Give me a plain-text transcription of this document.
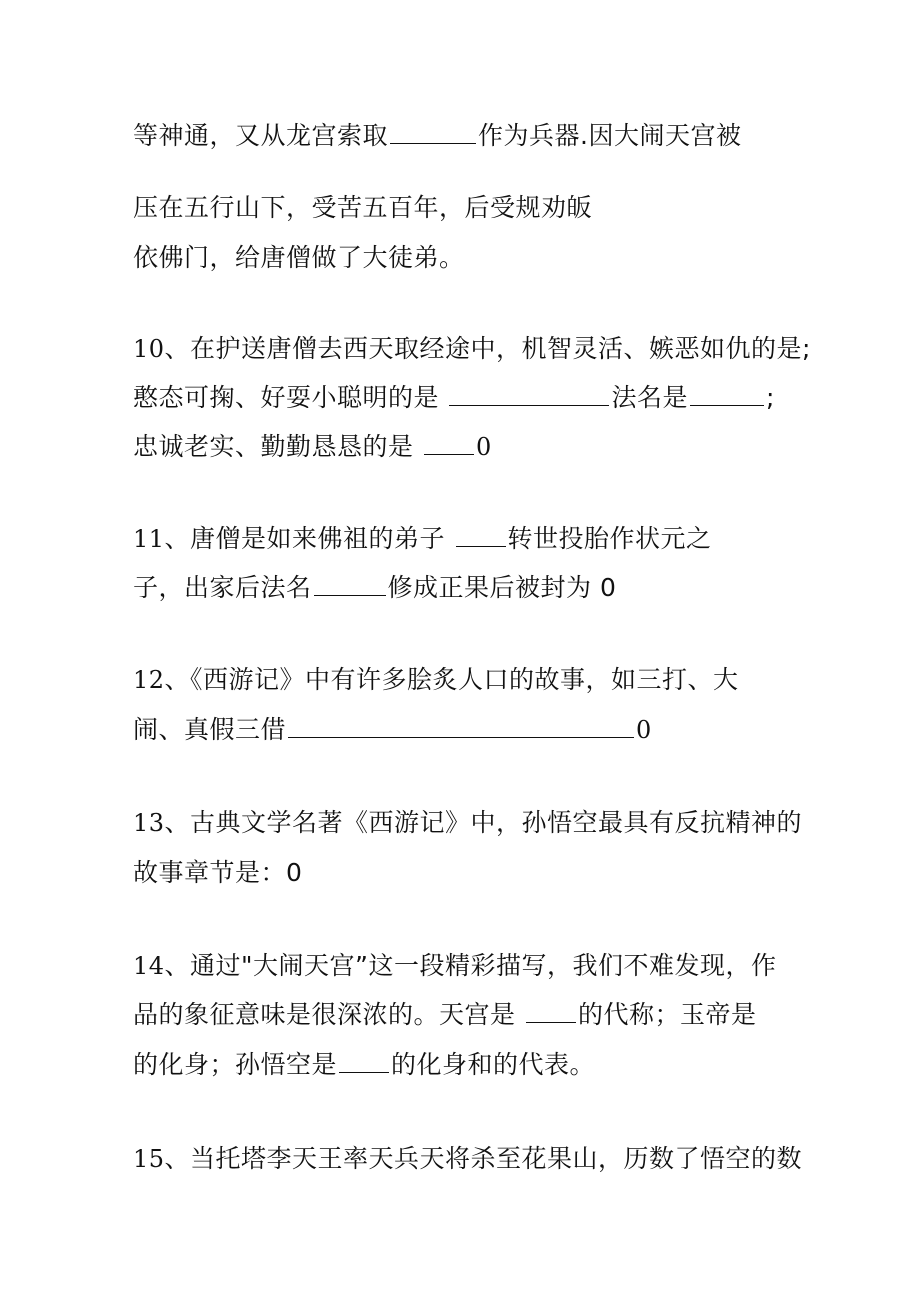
等神通，又从龙宫索取	作为兵器.因大闹天宫被
压在五行山下，受苦五百年，后受规劝皈
依佛门，给唐僧做了大徒弟。
10、在护送唐僧去西天取经途中，机智灵活、嫉恶如仇的是;
憨态可掬、好耍小聪明的是	法名是	;
忠诚老实、勤勤恳恳的是 0
11、唐僧是如来佛祖的弟子 转世投胎作状元之
子，出家后法名	修成正果后被封为 0
12、《西游记》中有许多脍炙人口的故事，如三打、大
闹、真假三借	0
13、古典文学名著《西游记》中，孙悟空最具有反抗精神的
故事章节是：0
14、通过"大闹天宫”这一段精彩描写，我们不难发现，作
品的象征意味是很深浓的。天宫是 的代称；玉帝是
的化身；孙悟空是 的化身和的代表。
15、当托塔李天王率天兵天将杀至花果山，历数了悟空的数
